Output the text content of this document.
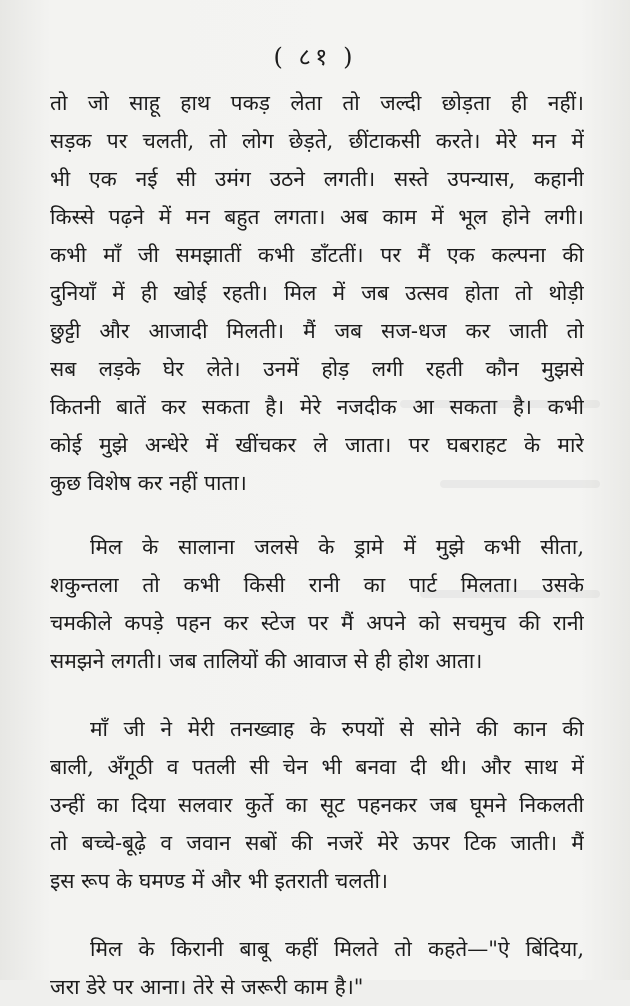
( ८१ )
तो जो साहू हाथ पकड़ लेता तो जल्दी छोड़ता ही नहीं।
सड़क पर चलती, तो लोग छेड़ते, छींटाकसी करते। मेरे मन में
भी एक नई सी उमंग उठने लगती। सस्ते उपन्यास, कहानी
किस्से पढ़ने में मन बहुत लगता। अब काम में भूल होने लगी।
कभी माँ जी समझातीं कभी डाँटतीं। पर मैं एक कल्पना की
दुनियाँ में ही खोई रहती। मिल में जब उत्सव होता तो थोड़ी
छुट्टी और आजादी मिलती। मैं जब सज-धज कर जाती तो
सब लड़के घेर लेते। उनमें होड़ लगी रहती कौन मुझसे
कितनी बातें कर सकता है। मेरे नजदीक आ सकता है। कभी
कोई मुझे अन्धेरे में खींचकर ले जाता। पर घबराहट के मारे
कुछ विशेष कर नहीं पाता।
मिल के सालाना जलसे के ड्रामे में मुझे कभी सीता,
शकुन्तला तो कभी किसी रानी का पार्ट मिलता। उसके
चमकीले कपड़े पहन कर स्टेज पर मैं अपने को सचमुच की रानी
समझने लगती। जब तालियों की आवाज से ही होश आता।
माँ जी ने मेरी तनख्वाह के रुपयों से सोने की कान की
बाली, अँगूठी व पतली सी चेन भी बनवा दी थी। और साथ में
उन्हीं का दिया सलवार कुर्ते का सूट पहनकर जब घूमने निकलती
तो बच्चे-बूढ़े व जवान सबों की नजरें मेरे ऊपर टिक जाती। मैं
इस रूप के घमण्ड में और भी इतराती चलती।
मिल के किरानी बाबू कहीं मिलते तो कहते—"ऐ बिंदिया,
जरा डेरे पर आना। तेरे से जरूरी काम है।"
